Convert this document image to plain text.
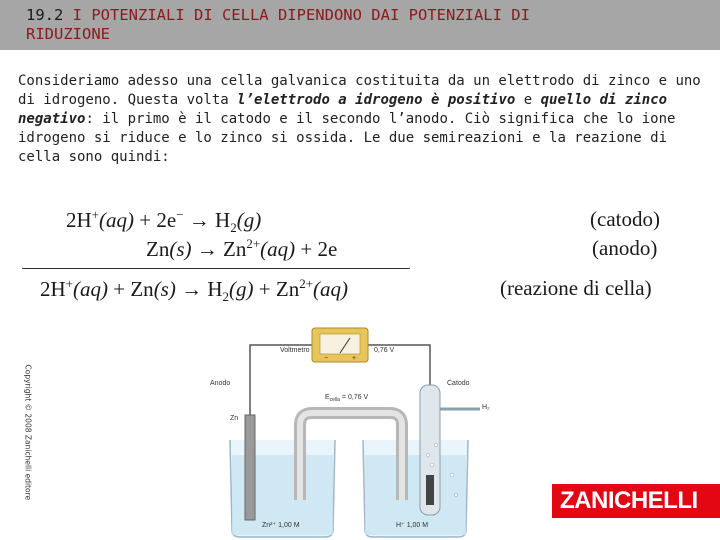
19.2 I POTENZIALI DI CELLA DIPENDONO DAI POTENZIALI DI
RIDUZIONE
Consideriamo adesso una cella galvanica costituita da un elettrodo di zinco e uno di idrogeno. Questa volta l’elettrodo a idrogeno è positivo e quello di zinco negativo: il primo è il catodo e il secondo l’anodo. Ciò significa che lo ione idrogeno si riduce e lo zinco si ossida. Le due semireazioni e la reazione di cella sono quindi:
$2H^+(aq) + 2e^- \to H_2(g)$	(catodo)
$Zn(s) \to Zn^{2+}(aq) + 2e$	(anodo)
$2H^+(aq) + Zn(s) \to H_2(g) + Zn^{2+}(aq)$	(reazione di cella)
−	+
Voltmetro	0,76 V
Anodo	Catodo
$E_{cella} = 0,76$ V
Zn
H₂
Zn²⁺ 1,00 M	H⁺ 1,00 M
Copyright © 2008 Zanichelli editore
ZANICHELLI
